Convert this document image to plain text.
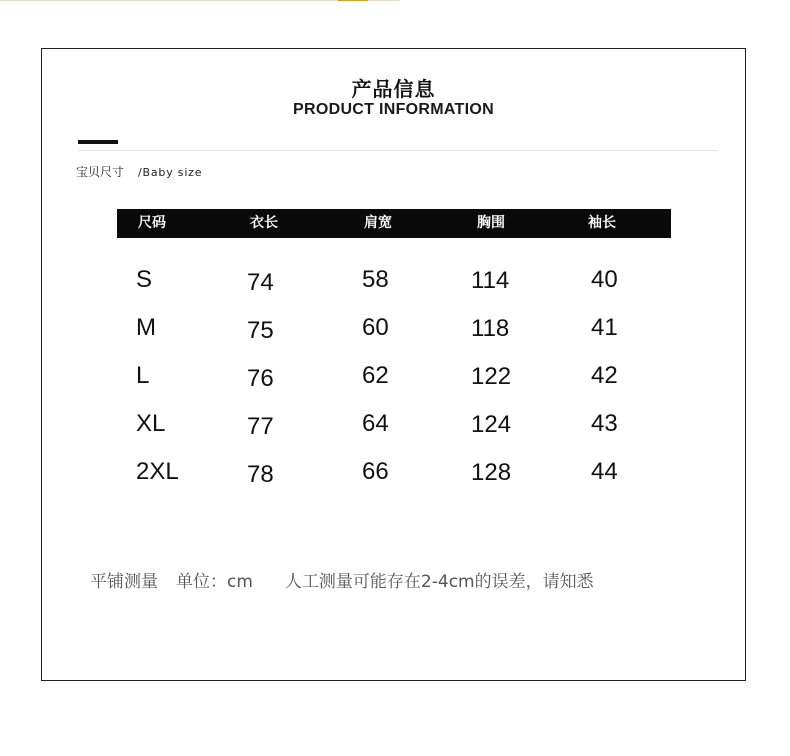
产品信息
PRODUCT INFORMATION
宝贝尺寸 /Baby size
尺码	衣长	肩宽	胸围	袖长
S	74	58	114	40
M	75	60	118	41
L	76	62	122	42
XL	77	64	124	43
2XL	78	66	128	44
平铺测量 单位：cm 人工测量可能存在2-4cm的误差，请知悉
